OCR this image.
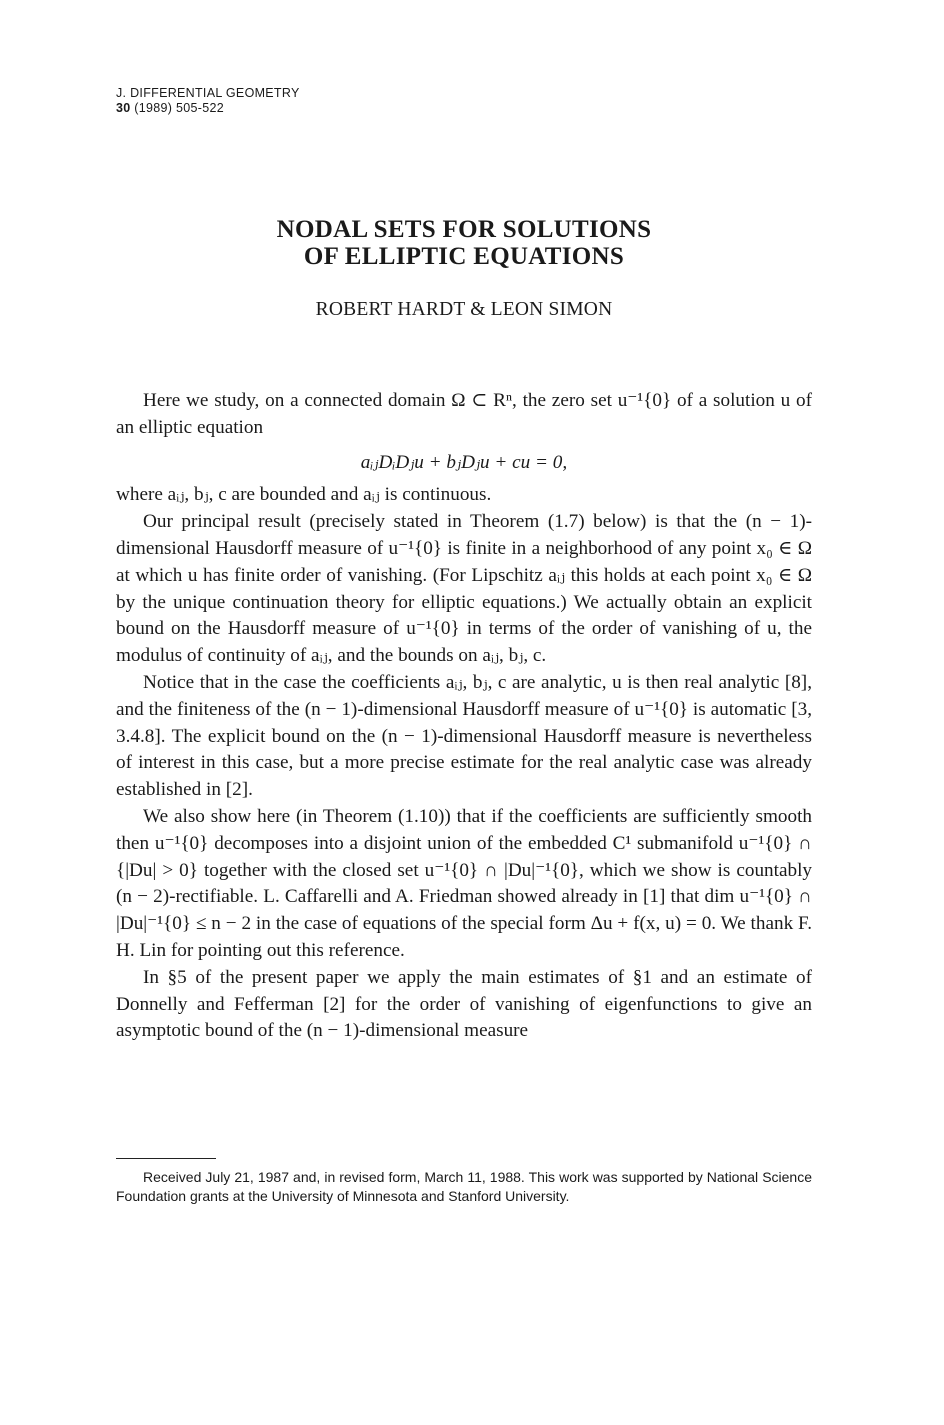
J. DIFFERENTIAL GEOMETRY
30 (1989) 505-522
NODAL SETS FOR SOLUTIONS
OF ELLIPTIC EQUATIONS
ROBERT HARDT & LEON SIMON

Here we study, on a connected domain Ω ⊂ Rⁿ, the zero set u⁻¹{0} of a solution u of an elliptic equation

aᵢⱼDᵢDⱼu + bⱼDⱼu + cu = 0,

where aᵢⱼ, bⱼ, c are bounded and aᵢⱼ is continuous.

Our principal result (precisely stated in Theorem (1.7) below) is that the (n − 1)-dimensional Hausdorff measure of u⁻¹{0} is finite in a neighborhood of any point x₀ ∈ Ω at which u has finite order of vanishing. (For Lipschitz aᵢⱼ this holds at each point x₀ ∈ Ω by the unique continuation theory for elliptic equations.) We actually obtain an explicit bound on the Hausdorff measure of u⁻¹{0} in terms of the order of vanishing of u, the modulus of continuity of aᵢⱼ, and the bounds on aᵢⱼ, bⱼ, c.

Notice that in the case the coefficients aᵢⱼ, bⱼ, c are analytic, u is then real analytic [8], and the finiteness of the (n − 1)-dimensional Hausdorff measure of u⁻¹{0} is automatic [3, 3.4.8]. The explicit bound on the (n − 1)-dimensional Hausdorff measure is nevertheless of interest in this case, but a more precise estimate for the real analytic case was already established in [2].

We also show here (in Theorem (1.10)) that if the coefficients are sufficiently smooth then u⁻¹{0} decomposes into a disjoint union of the embedded C¹ submanifold u⁻¹{0} ∩ {|Du| > 0} together with the closed set u⁻¹{0} ∩ |Du|⁻¹{0}, which we show is countably (n − 2)-rectifiable. L. Caffarelli and A. Friedman showed already in [1] that dim u⁻¹{0} ∩ |Du|⁻¹{0} ≤ n − 2 in the case of equations of the special form Δu + f(x, u) = 0. We thank F. H. Lin for pointing out this reference.

In §5 of the present paper we apply the main estimates of §1 and an estimate of Donnelly and Fefferman [2] for the order of vanishing of eigenfunctions to give an asymptotic bound of the (n − 1)-dimensional measure

Received July 21, 1987 and, in revised form, March 11, 1988. This work was supported by National Science Foundation grants at the University of Minnesota and Stanford University.
